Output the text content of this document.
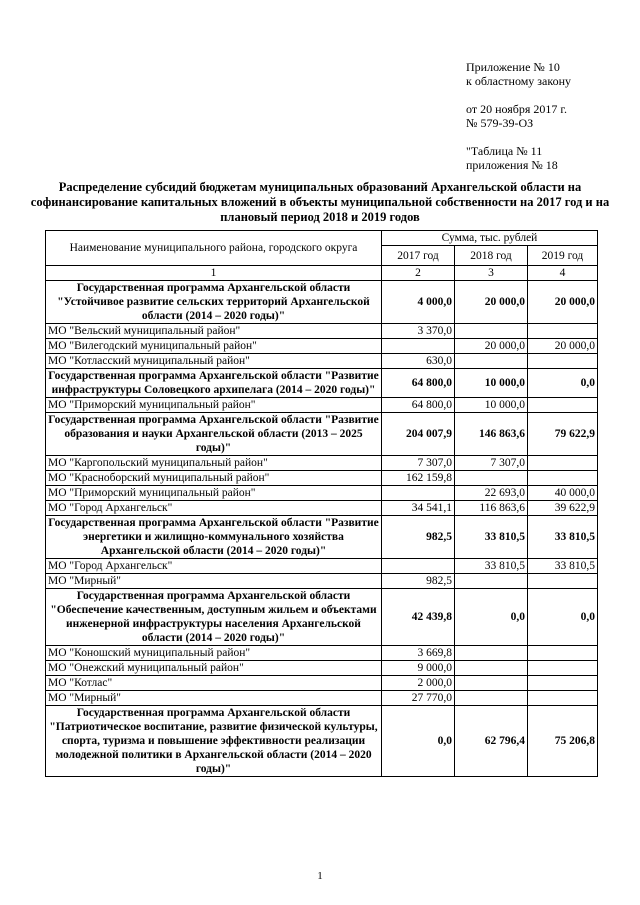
Приложение № 10
к областному закону
от 20 ноября 2017 г.
№ 579-39-ОЗ
"Таблица № 11
приложения № 18
Распределение субсидий бюджетам муниципальных образований Архангельской области на софинансирование капитальных вложений в объекты муниципальной собственности на 2017 год и на плановый период 2018 и 2019 годов
Наименование муниципального района, городского округа	Сумма, тыс. рублей		
	2017 год	2018 год	2019 год
1	2	3	4
Государственная программа Архангельской области "Устойчивое развитие сельских территорий Архангельской области (2014 – 2020 годы)"	4 000,0	20 000,0	20 000,0
МО "Вельский муниципальный район"	3 370,0		
МО "Вилегодский муниципальный район"		20 000,0	20 000,0
МО "Котласский муниципальный район"	630,0		
Государственная программа Архангельской области "Развитие инфраструктуры Соловецкого архипелага (2014 – 2020 годы)"	64 800,0	10 000,0	0,0
МО "Приморский муниципальный район"	64 800,0	10 000,0	
Государственная программа Архангельской области "Развитие образования и науки Архангельской области (2013 – 2025 годы)"	204 007,9	146 863,6	79 622,9
МО "Каргопольский муниципальный район"	7 307,0	7 307,0	
МО "Красноборский муниципальный район"	162 159,8		
МО "Приморский муниципальный район"		22 693,0	40 000,0
МО "Город Архангельск"	34 541,1	116 863,6	39 622,9
Государственная программа Архангельской области "Развитие энергетики и жилищно-коммунального хозяйства Архангельской области (2014 – 2020 годы)"	982,5	33 810,5	33 810,5
МО "Город Архангельск"		33 810,5	33 810,5
МО "Мирный"	982,5		
Государственная программа Архангельской области "Обеспечение качественным, доступным жильем и объектами инженерной инфраструктуры населения Архангельской области (2014 – 2020 годы)"	42 439,8	0,0	0,0
МО "Коношский муниципальный район"	3 669,8		
МО "Онежский муниципальный район"	9 000,0		
МО "Котлас"	2 000,0		
МО "Мирный"	27 770,0		
Государственная программа Архангельской области "Патриотическое воспитание, развитие физической культуры, спорта, туризма и повышение эффективности реализации молодежной политики в Архангельской области (2014 – 2020 годы)"	0,0	62 796,4	75 206,8
1
